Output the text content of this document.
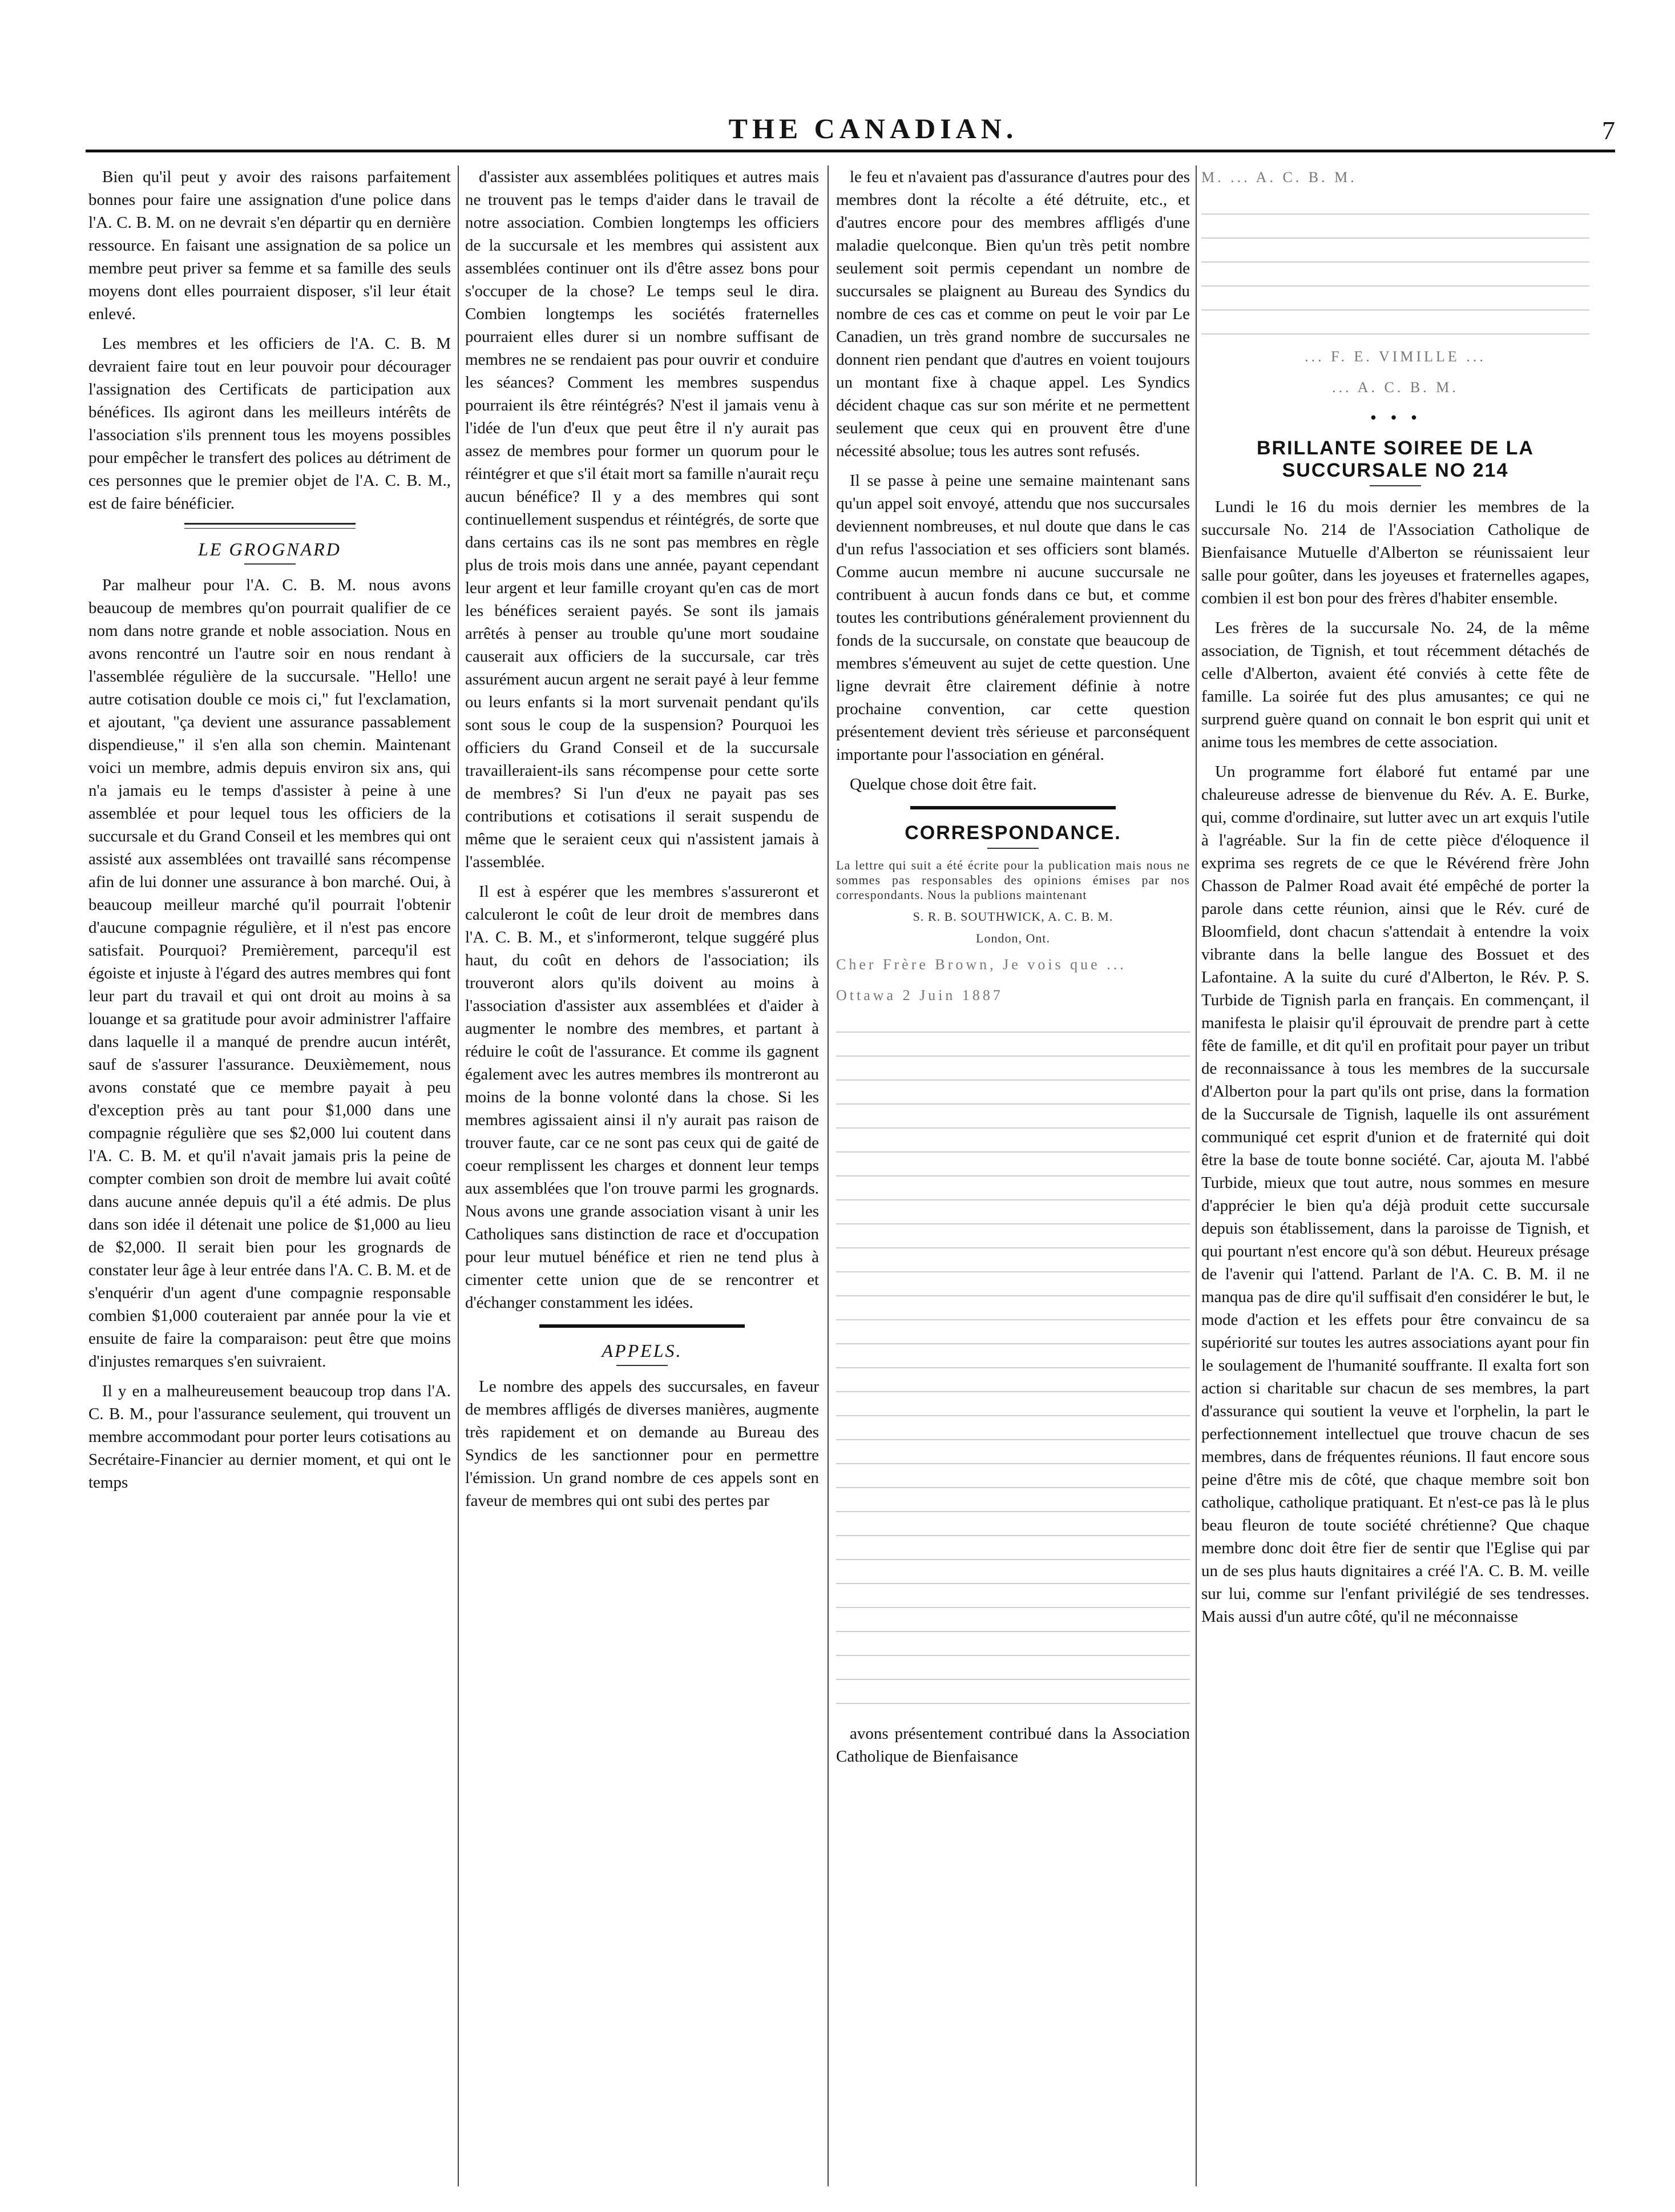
THE CANADIAN.	7

Bien qu'il peut y avoir des raisons parfaitement bonnes pour faire une assignation d'une police dans l'A. C. B. M. on ne devrait s'en départir qu en dernière ressource. En faisant une assignation de sa police un membre peut priver sa femme et sa famille des seuls moyens dont elles pourraient disposer, s'il leur était enlevé.

Les membres et les officiers de l'A. C. B. M devraient faire tout en leur pouvoir pour décourager l'assignation des Certificats de participation aux bénéfices. Ils agiront dans les meilleurs intérêts de l'association s'ils prennent tous les moyens possibles pour empêcher le transfert des polices au détriment de ces personnes que le premier objet de l'A. C. B. M., est de faire bénéficier.

LE GROGNARD

Par malheur pour l'A. C. B. M. nous avons beaucoup de membres qu'on pourrait qualifier de ce nom dans notre grande et noble association. Nous en avons rencontré un l'autre soir en nous rendant à l'assemblée régulière de la succursale. "Hello! une autre cotisation double ce mois ci," fut l'exclamation, et ajoutant, "ça devient une assurance passablement dispendieuse," il s'en alla son chemin. Maintenant voici un membre, admis depuis environ six ans, qui n'a jamais eu le temps d'assister à peine à une assemblée et pour lequel tous les officiers de la succursale et du Grand Conseil et les membres qui ont assisté aux assemblées ont travaillé sans récompense afin de lui donner une assurance à bon marché. Oui, à beaucoup meilleur marché qu'il pourrait l'obtenir d'aucune compagnie régulière, et il n'est pas encore satisfait. Pourquoi? Premièrement, parcequ'il est égoiste et injuste à l'égard des autres membres qui font leur part du travail et qui ont droit au moins à sa louange et sa gratitude pour avoir administrer l'affaire dans laquelle il a manqué de prendre aucun intérêt, sauf de s'assurer l'assurance. Deuxièmement, nous avons constaté que ce membre payait à peu d'exception près au tant pour $1,000 dans une compagnie régulière que ses $2,000 lui coutent dans l'A. C. B. M. et qu'il n'avait jamais pris la peine de compter combien son droit de membre lui avait coûté dans aucune année depuis qu'il a été admis. De plus dans son idée il détenait une police de $1,000 au lieu de $2,000. Il serait bien pour les grognards de constater leur âge à leur entrée dans l'A. C. B. M. et de s'enquérir d'un agent d'une compagnie responsable combien $1,000 couteraient par année pour la vie et ensuite de faire la comparaison: peut être que moins d'injustes remarques s'en suivraient.

Il y en a malheureusement beaucoup trop dans l'A. C. B. M., pour l'assurance seulement, qui trouvent un membre accommodant pour porter leurs cotisations au Secrétaire-Financier au dernier moment, et qui ont le temps

d'assister aux assemblées politiques et autres mais ne trouvent pas le temps d'aider dans le travail de notre association. Combien longtemps les officiers de la succursale et les membres qui assistent aux assemblées continuer ont ils d'être assez bons pour s'occuper de la chose? Le temps seul le dira. Combien longtemps les sociétés fraternelles pourraient elles durer si un nombre suffisant de membres ne se rendaient pas pour ouvrir et conduire les séances? Comment les membres suspendus pourraient ils être réintégrés? N'est il jamais venu à l'idée de l'un d'eux que peut être il n'y aurait pas assez de membres pour former un quorum pour le réintégrer et que s'il était mort sa famille n'aurait reçu aucun bénéfice? Il y a des membres qui sont continuellement suspendus et réintégrés, de sorte que dans certains cas ils ne sont pas membres en règle plus de trois mois dans une année, payant cependant leur argent et leur famille croyant qu'en cas de mort les bénéfices seraient payés. Se sont ils jamais arrêtés à penser au trouble qu'une mort soudaine causerait aux officiers de la succursale, car très assurément aucun argent ne serait payé à leur femme ou leurs enfants si la mort survenait pendant qu'ils sont sous le coup de la suspension? Pourquoi les officiers du Grand Conseil et de la succursale travailleraient-ils sans récompense pour cette sorte de membres? Si l'un d'eux ne payait pas ses contributions et cotisations il serait suspendu de même que le seraient ceux qui n'assistent jamais à l'assemblée.

Il est à espérer que les membres s'assureront et calculeront le coût de leur droit de membres dans l'A. C. B. M., et s'informeront, telque suggéré plus haut, du coût en dehors de l'association; ils trouveront alors qu'ils doivent au moins à l'association d'assister aux assemblées et d'aider à augmenter le nombre des membres, et partant à réduire le coût de l'assurance. Et comme ils gagnent également avec les autres membres ils montreront au moins de la bonne volonté dans la chose. Si les membres agissaient ainsi il n'y aurait pas raison de trouver faute, car ce ne sont pas ceux qui de gaité de coeur remplissent les charges et donnent leur temps aux assemblées que l'on trouve parmi les grognards. Nous avons une grande association visant à unir les Catholiques sans distinction de race et d'occupation pour leur mutuel bénéfice et rien ne tend plus à cimenter cette union que de se rencontrer et d'échanger constamment les idées.

APPELS.

Le nombre des appels des succursales, en faveur de membres affligés de diverses manières, augmente très rapidement et on demande au Bureau des Syndics de les sanctionner pour en permettre l'émission. Un grand nombre de ces appels sont en faveur de membres qui ont subi des pertes par

le feu et n'avaient pas d'assurance d'autres pour des membres dont la récolte a été détruite, etc., et d'autres encore pour des membres affligés d'une maladie quelconque. Bien qu'un très petit nombre seulement soit permis cependant un nombre de succursales se plaignent au Bureau des Syndics du nombre de ces cas et comme on peut le voir par Le Canadien, un très grand nombre de succursales ne donnent rien pendant que d'autres en voient toujours un montant fixe à chaque appel. Les Syndics décident chaque cas sur son mérite et ne permettent seulement que ceux qui en prouvent être d'une nécessité absolue; tous les autres sont refusés.

Il se passe à peine une semaine maintenant sans qu'un appel soit envoyé, attendu que nos succursales deviennent nombreuses, et nul doute que dans le cas d'un refus l'association et ses officiers sont blamés. Comme aucun membre ni aucune succursale ne contribuent à aucun fonds dans ce but, et comme toutes les contributions généralement proviennent du fonds de la succursale, on constate que beaucoup de membres s'émeuvent au sujet de cette question. Une ligne devrait être clairement définie à notre prochaine convention, car cette question présentement devient très sérieuse et parconséquent importante pour l'association en général.

Quelque chose doit être fait.

CORRESPONDANCE.

La lettre qui suit a été écrite pour la publication mais nous ne sommes pas responsables des opinions émises par nos correspondants. Nous la publions maintenant

S. R. B. SOUTHWICK, A. C. B. M.

London, Ont.

Cher Frère Brown, Je vois que ...

Ottawa 2 Juin 1887

avons présentement contribué dans la Association Catholique de Bienfaisance

M. ... A. C. B. M.

... F. E. VIMILLE ...

... A. C. B. M.

• • •
BRILLANTE SOIREE DE LA SUCCURSALE NO 214

Lundi le 16 du mois dernier les membres de la succursale No. 214 de l'Association Catholique de Bienfaisance Mutuelle d'Alberton se réunissaient leur salle pour goûter, dans les joyeuses et fraternelles agapes, combien il est bon pour des frères d'habiter ensemble.

Les frères de la succursale No. 24, de la même association, de Tignish, et tout récemment détachés de celle d'Alberton, avaient été conviés à cette fête de famille. La soirée fut des plus amusantes; ce qui ne surprend guère quand on connait le bon esprit qui unit et anime tous les membres de cette association.

Un programme fort élaboré fut entamé par une chaleureuse adresse de bienvenue du Rév. A. E. Burke, qui, comme d'ordinaire, sut lutter avec un art exquis l'utile à l'agréable. Sur la fin de cette pièce d'éloquence il exprima ses regrets de ce que le Révérend frère John Chasson de Palmer Road avait été empêché de porter la parole dans cette réunion, ainsi que le Rév. curé de Bloomfield, dont chacun s'attendait à entendre la voix vibrante dans la belle langue des Bossuet et des Lafontaine. A la suite du curé d'Alberton, le Rév. P. S. Turbide de Tignish parla en français. En commençant, il manifesta le plaisir qu'il éprouvait de prendre part à cette fête de famille, et dit qu'il en profitait pour payer un tribut de reconnaissance à tous les membres de la succursale d'Alberton pour la part qu'ils ont prise, dans la formation de la Succursale de Tignish, laquelle ils ont assurément communiqué cet esprit d'union et de fraternité qui doit être la base de toute bonne société. Car, ajouta M. l'abbé Turbide, mieux que tout autre, nous sommes en mesure d'apprécier le bien qu'a déjà produit cette succursale depuis son établissement, dans la paroisse de Tignish, et qui pourtant n'est encore qu'à son début. Heureux présage de l'avenir qui l'attend. Parlant de l'A. C. B. M. il ne manqua pas de dire qu'il suffisait d'en considérer le but, le mode d'action et les effets pour être convaincu de sa supériorité sur toutes les autres associations ayant pour fin le soulagement de l'humanité souffrante. Il exalta fort son action si charitable sur chacun de ses membres, la part d'assurance qui soutient la veuve et l'orphelin, la part le perfectionnement intellectuel que trouve chacun de ses membres, dans de fréquentes réunions. Il faut encore sous peine d'être mis de côté, que chaque membre soit bon catholique, catholique pratiquant. Et n'est-ce pas là le plus beau fleuron de toute société chrétienne? Que chaque membre donc doit être fier de sentir que l'Eglise qui par un de ses plus hauts dignitaires a créé l'A. C. B. M. veille sur lui, comme sur l'enfant privilégié de ses tendresses. Mais aussi d'un autre côté, qu'il ne méconnaisse
